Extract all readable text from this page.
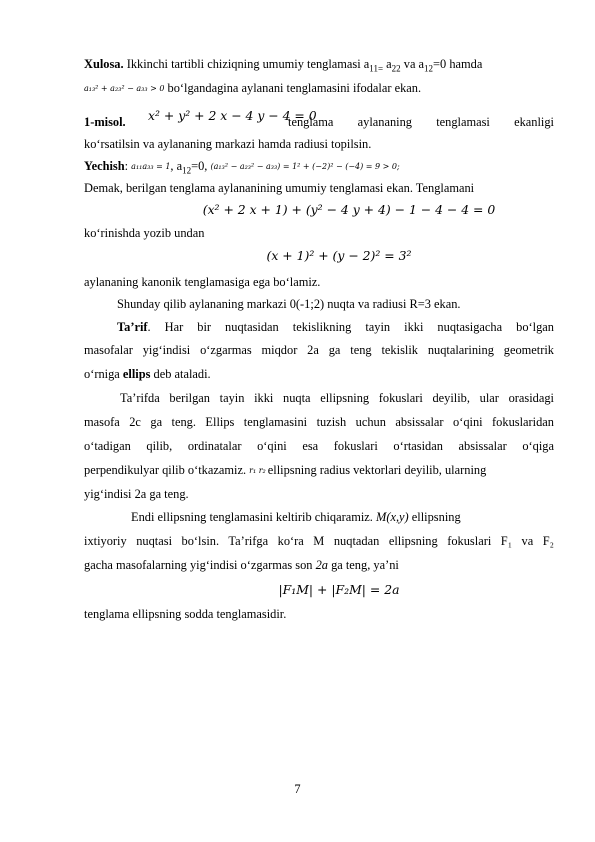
Xulosa. Ikkinchi tartibli chiziqning umumiy tenglamasi $a_{11=}$ $a_{22}$ va $a_{12}=0$ hamda
a₁₃² + a₂₃² − a₃₃ > 0 bo‘lgandagina aylanani tenglamasini ifodalar ekan.
1-misol. x² + y² + 2 x − 4 y − 4 = 0
tenglama aylananing tenglamasi ekanligi
ko‘rsatilsin va aylananing markazi hamda radiusi topilsin.
Yechish: a₁₁a₃₃ = 1, $a_{12}=0$, (a₁₃² − a₂₃² − a₃₃) = 1² + (−2)² − (−4) = 9 > 0;
Demak, berilgan tenglama aylananining umumiy tenglamasi ekan. Tenglamani
(x² + 2 x + 1) + (y² − 4 y + 4) − 1 − 4 − 4 = 0
ko‘rinishda yozib undan
(x + 1)² + (y − 2)² = 3²
aylananing kanonik tenglamasiga ega bo‘lamiz.
Shunday qilib aylananing markazi 0(-1;2) nuqta va radiusi R=3 ekan.
Ta’rif. Har bir nuqtasidan tekislikning tayin ikki nuqtasigacha bo‘lgan
masofalar yig‘indisi o‘zgarmas miqdor 2a ga teng tekislik nuqtalarining geometrik
o‘rniga ellips deb ataladi.
Ta’rifda berilgan tayin ikki nuqta ellipsning fokuslari deyilib, ular orasidagi
masofa 2c ga teng. Ellips tenglamasini tuzish uchun absissalar o‘qini fokuslaridan
o‘tadigan qilib, ordinatalar o‘qini esa fokuslari o‘rtasidan absissalar o‘qiga
perpendikulyar qilib o‘tkazamiz. r₁ r₂ ellipsning radius vektorlari deyilib, ularning
yig‘indisi 2a ga teng.
Endi ellipsning tenglamasini keltirib chiqaramiz. M(x,y) ellipsning
ixtiyoriy nuqtasi bo‘lsin. Ta’rifga ko‘ra M nuqtadan ellipsning fokuslari F₁ va F₂
gacha masofalarning yig‘indisi o‘zgarmas son 2a ga teng, ya’ni
|F₁M| + |F₂M| = 2a
tenglama ellipsning sodda tenglamasidir.
7
